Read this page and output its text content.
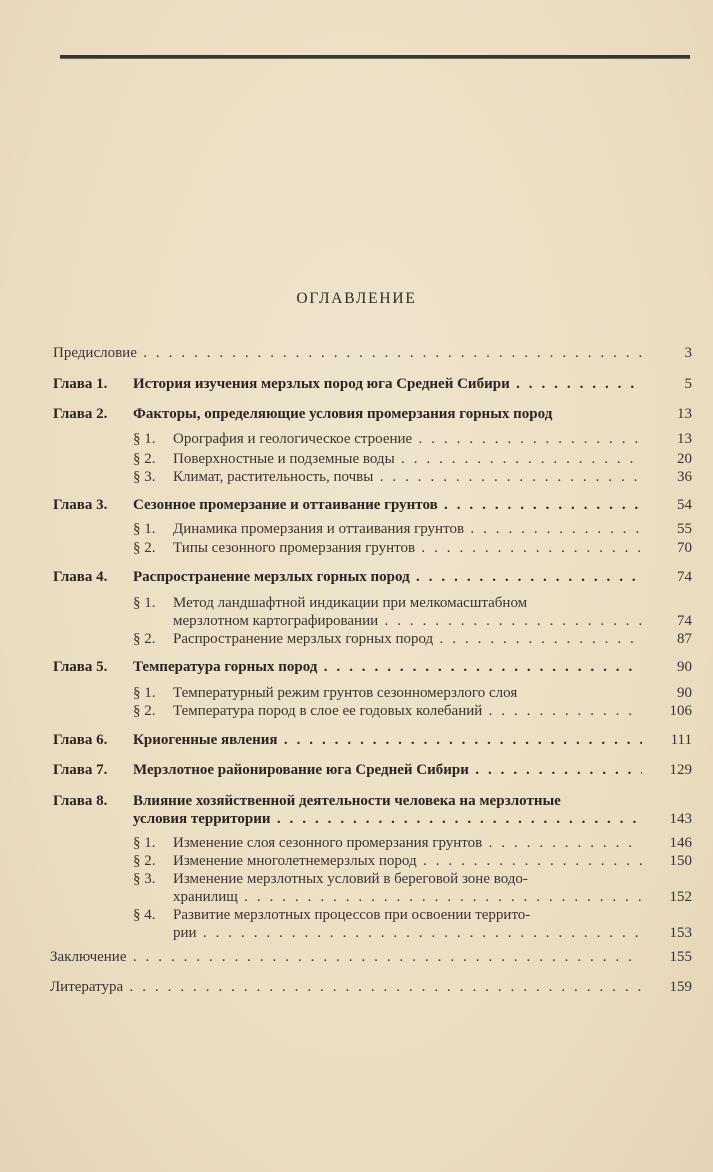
ОГЛАВЛЕНИЕ
Предисловие . . .	3
Глава 1. История изучения мерзлых пород юга Средней Сибири . . .	5
Глава 2. Факторы, определяющие условия промерзания горных пород	13
§ 1. Орография и геологическое строение . . .	13
§ 2. Поверхностные и подземные воды . . .	20
§ 3. Климат, растительность, почвы . . .	36
Глава 3. Сезонное промерзание и оттаивание грунтов . . .	54
§ 1. Динамика промерзания и оттаивания грунтов . . .	55
§ 2. Типы сезонного промерзания грунтов . . .	70
Глава 4. Распространение мерзлых горных пород . . .	74
§ 1. Метод ландшафтной индикации при мелкомасштабном
мерзлотном картографировании . . .	74
§ 2. Распространение мерзлых горных пород . . .	87
Глава 5. Температура горных пород . . .	90
§ 1. Температурный режим грунтов сезонномерзлого слоя	90
§ 2. Температура пород в слое ее годовых колебаний . . .	106
Глава 6. Криогенные явления . . .	111
Глава 7. Мерзлотное районирование юга Средней Сибири . . .	129
Глава 8. Влияние хозяйственной деятельности человека на мерзлотные
условия территории . . .	143
§ 1. Изменение слоя сезонного промерзания грунтов . . .	146
§ 2. Изменение многолетнемерзлых пород . . .	150
§ 3. Изменение мерзлотных условий в береговой зоне водо-
хранилищ . . .	152
§ 4. Развитие мерзлотных процессов при освоении террито-
рии . . .	153
Заключение . . .	155
Литература . . .	159
